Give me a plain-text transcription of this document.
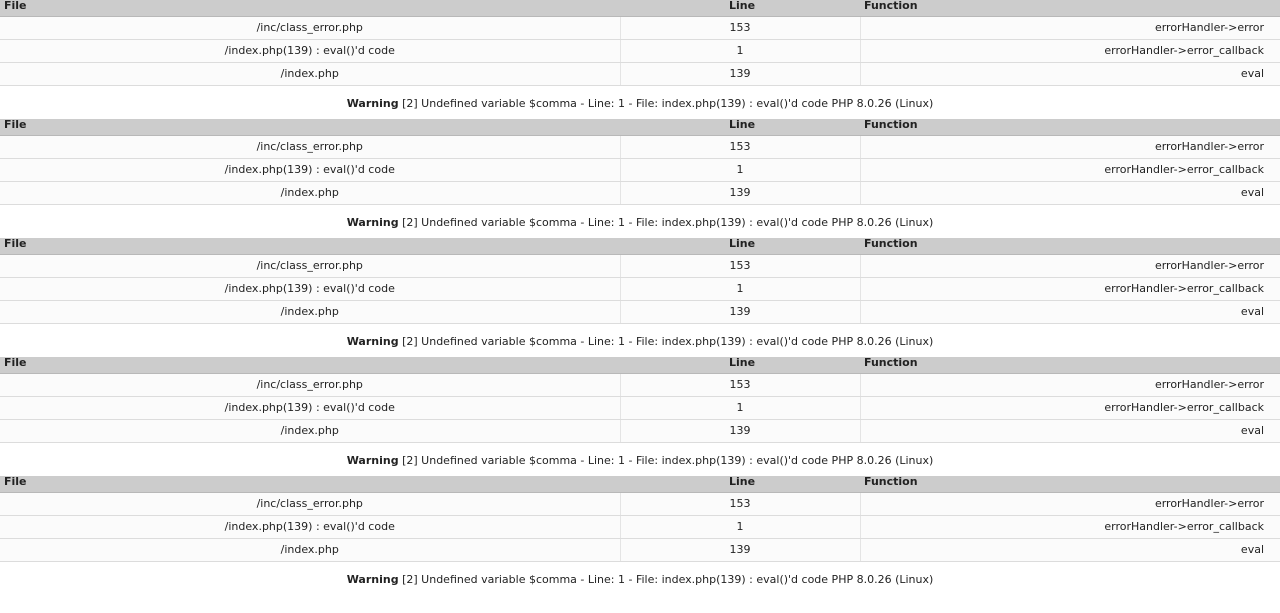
File	Line	Function
/inc/class_error.php	153	errorHandler->error
/index.php(139) : eval()'d code	1	errorHandler->error_callback
/index.php	139	eval
Warning [2] Undefined variable $comma - Line: 1 - File: index.php(139) : eval()'d code PHP 8.0.26 (Linux)
File	Line	Function
/inc/class_error.php	153	errorHandler->error
/index.php(139) : eval()'d code	1	errorHandler->error_callback
/index.php	139	eval
Warning [2] Undefined variable $comma - Line: 1 - File: index.php(139) : eval()'d code PHP 8.0.26 (Linux)
File	Line	Function
/inc/class_error.php	153	errorHandler->error
/index.php(139) : eval()'d code	1	errorHandler->error_callback
/index.php	139	eval
Warning [2] Undefined variable $comma - Line: 1 - File: index.php(139) : eval()'d code PHP 8.0.26 (Linux)
File	Line	Function
/inc/class_error.php	153	errorHandler->error
/index.php(139) : eval()'d code	1	errorHandler->error_callback
/index.php	139	eval
Warning [2] Undefined variable $comma - Line: 1 - File: index.php(139) : eval()'d code PHP 8.0.26 (Linux)
File	Line	Function
/inc/class_error.php	153	errorHandler->error
/index.php(139) : eval()'d code	1	errorHandler->error_callback
/index.php	139	eval
Warning [2] Undefined variable $comma - Line: 1 - File: index.php(139) : eval()'d code PHP 8.0.26 (Linux)
